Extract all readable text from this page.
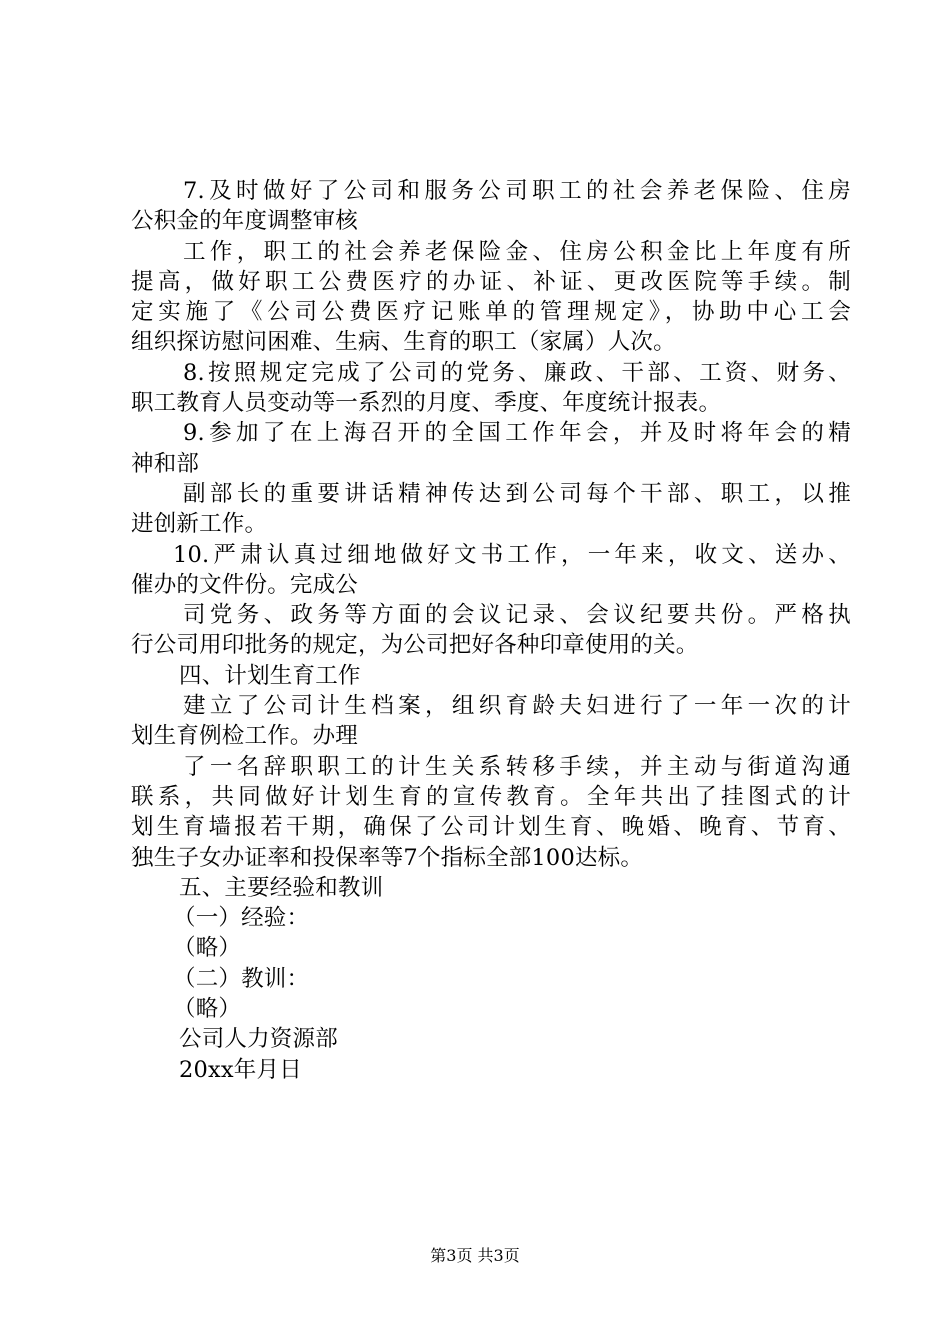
7.及时做好了公司和服务公司职工的社会养老保险、住房
公积金的年度调整审核
工作，职工的社会养老保险金、住房公积金比上年度有所
提高，做好职工公费医疗的办证、补证、更改医院等手续。制
定实施了《公司公费医疗记账单的管理规定》，协助中心工会
组织探访慰问困难、生病、生育的职工（家属）人次。
8.按照规定完成了公司的党务、廉政、干部、工资、财务、
职工教育人员变动等一系烈的月度、季度、年度统计报表。
9.参加了在上海召开的全国工作年会，并及时将年会的精
神和部
副部长的重要讲话精神传达到公司每个干部、职工，以推
进创新工作。
10.严肃认真过细地做好文书工作，一年来，收文、送办、
催办的文件份。完成公
司党务、政务等方面的会议记录、会议纪要共份。严格执
行公司用印批务的规定，为公司把好各种印章使用的关。
四、计划生育工作
建立了公司计生档案，组织育龄夫妇进行了一年一次的计
划生育例检工作。办理
了一名辞职职工的计生关系转移手续，并主动与街道沟通
联系，共同做好计划生育的宣传教育。全年共出了挂图式的计
划生育墙报若干期，确保了公司计划生育、晚婚、晚育、节育、
独生子女办证率和投保率等7个指标全部100达标。
五、主要经验和教训
（一）经验：
（略）
（二）教训：
（略）
公司人力资源部
20xx年月日
第3页 共3页
